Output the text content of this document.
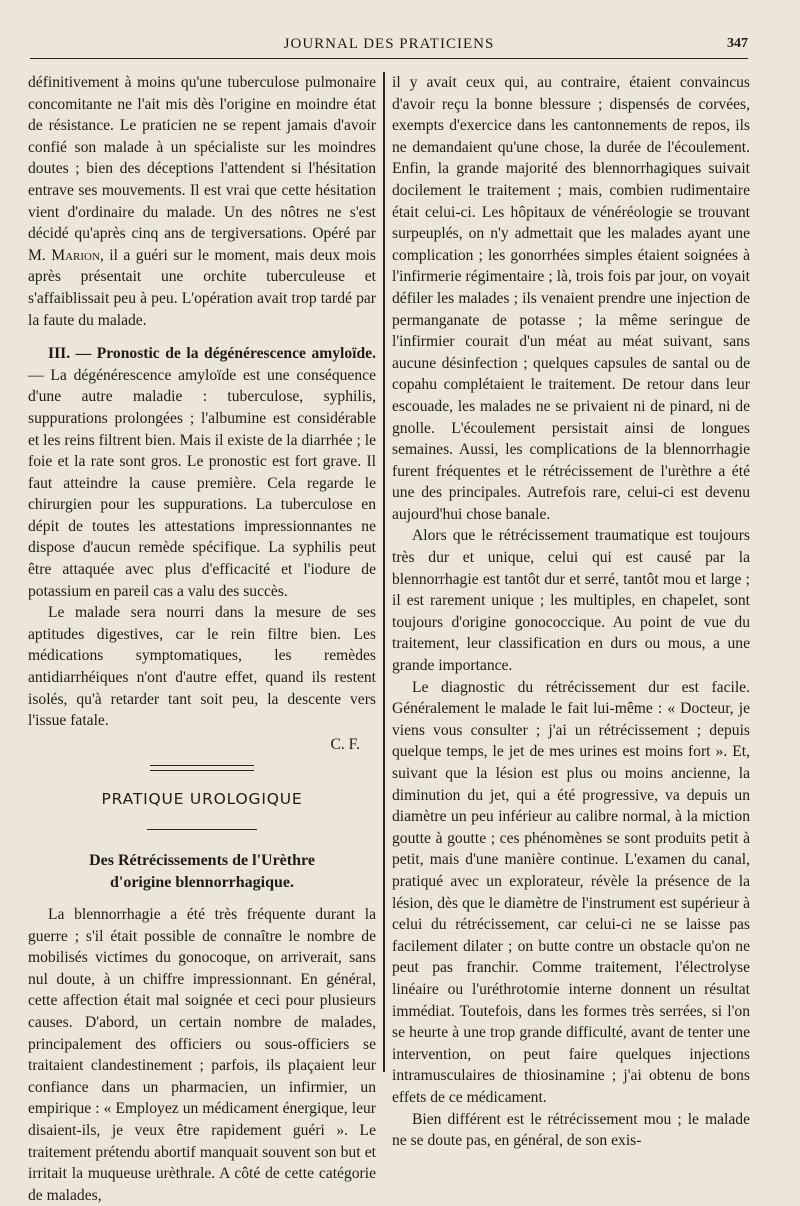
JOURNAL DES PRATICIENS	347

définitivement à moins qu'une tuberculose pulmonaire concomitante ne l'ait mis dès l'origine en moindre état de résistance. Le praticien ne se repent jamais d'avoir confié son malade à un spécialiste sur les moindres doutes ; bien des déceptions l'attendent si l'hésitation entrave ses mouvements. Il est vrai que cette hésitation vient d'ordinaire du malade. Un des nôtres ne s'est décidé qu'après cinq ans de tergiversations. Opéré par M. Marion, il a guéri sur le moment, mais deux mois après présentait une orchite tuberculeuse et s'affaiblissait peu à peu. L'opération avait trop tardé par la faute du malade.

III. — Pronostic de la dégénérescence amyloïde. — La dégénérescence amyloïde est une conséquence d'une autre maladie : tuberculose, syphilis, suppurations prolongées ; l'albumine est considérable et les reins filtrent bien. Mais il existe de la diarrhée ; le foie et la rate sont gros. Le pronostic est fort grave. Il faut atteindre la cause première. Cela regarde le chirurgien pour les suppurations. La tuberculose en dépit de toutes les attestations impressionnantes ne dispose d'aucun remède spécifique. La syphilis peut être attaquée avec plus d'efficacité et l'iodure de potassium en pareil cas a valu des succès.

Le malade sera nourri dans la mesure de ses aptitudes digestives, car le rein filtre bien. Les médications symptomatiques, les remèdes antidiarrhéiques n'ont d'autre effet, quand ils restent isolés, qu'à retarder tant soit peu, la descente vers l'issue fatale.

C. F.
PRATIQUE UROLOGIQUE
Des Rétrécissements de l'Urèthre
d'origine blennorrhagique.

La blennorrhagie a été très fréquente durant la guerre ; s'il était possible de connaître le nombre de mobilisés victimes du gonocoque, on arriverait, sans nul doute, à un chiffre impressionnant. En général, cette affection était mal soignée et ceci pour plusieurs causes. D'abord, un certain nombre de malades, principalement des officiers ou sous-officiers se traitaient clandestinement ; parfois, ils plaçaient leur confiance dans un pharmacien, un infirmier, un empirique : « Employez un médicament énergique, leur disaient-ils, je veux être rapidement guéri ». Le traitement prétendu abortif manquait souvent son but et irritait la muqueuse urèthrale. A côté de cette catégorie de malades,

il y avait ceux qui, au contraire, étaient convaincus d'avoir reçu la bonne blessure ; dispensés de corvées, exempts d'exercice dans les cantonnements de repos, ils ne demandaient qu'une chose, la durée de l'écoulement. Enfin, la grande majorité des blennorrhagiques suivait docilement le traitement ; mais, combien rudimentaire était celui-ci. Les hôpitaux de vénéréologie se trouvant surpeuplés, on n'y admettait que les malades ayant une complication ; les gonorrhées simples étaient soignées à l'infirmerie régimentaire ; là, trois fois par jour, on voyait défiler les malades ; ils venaient prendre une injection de permanganate de potasse ; la même seringue de l'infirmier courait d'un méat au méat suivant, sans aucune désinfection ; quelques capsules de santal ou de copahu complétaient le traitement. De retour dans leur escouade, les malades ne se privaient ni de pinard, ni de gnolle. L'écoulement persistait ainsi de longues semaines. Aussi, les complications de la blennorrhagie furent fréquentes et le rétrécissement de l'urèthre a été une des principales. Autrefois rare, celui-ci est devenu aujourd'hui chose banale.

Alors que le rétrécissement traumatique est toujours très dur et unique, celui qui est causé par la blennorrhagie est tantôt dur et serré, tantôt mou et large ; il est rarement unique ; les multiples, en chapelet, sont toujours d'origine gonococcique. Au point de vue du traitement, leur classification en durs ou mous, a une grande importance.

Le diagnostic du rétrécissement dur est facile. Généralement le malade le fait lui-même : « Docteur, je viens vous consulter ; j'ai un rétrécissement ; depuis quelque temps, le jet de mes urines est moins fort ». Et, suivant que la lésion est plus ou moins ancienne, la diminution du jet, qui a été progressive, va depuis un diamètre un peu inférieur au calibre normal, à la miction goutte à goutte ; ces phénomènes se sont produits petit à petit, mais d'une manière continue. L'examen du canal, pratiqué avec un explorateur, révèle la présence de la lésion, dès que le diamètre de l'instrument est supérieur à celui du rétrécissement, car celui-ci ne se laisse pas facilement dilater ; on butte contre un obstacle qu'on ne peut pas franchir. Comme traitement, l'électrolyse linéaire ou l'uréthrotomie interne donnent un résultat immédiat. Toutefois, dans les formes très serrées, si l'on se heurte à une trop grande difficulté, avant de tenter une intervention, on peut faire quelques injections intramusculaires de thiosinamine ; j'ai obtenu de bons effets de ce médicament.

Bien différent est le rétrécissement mou ; le malade ne se doute pas, en général, de son exis-
